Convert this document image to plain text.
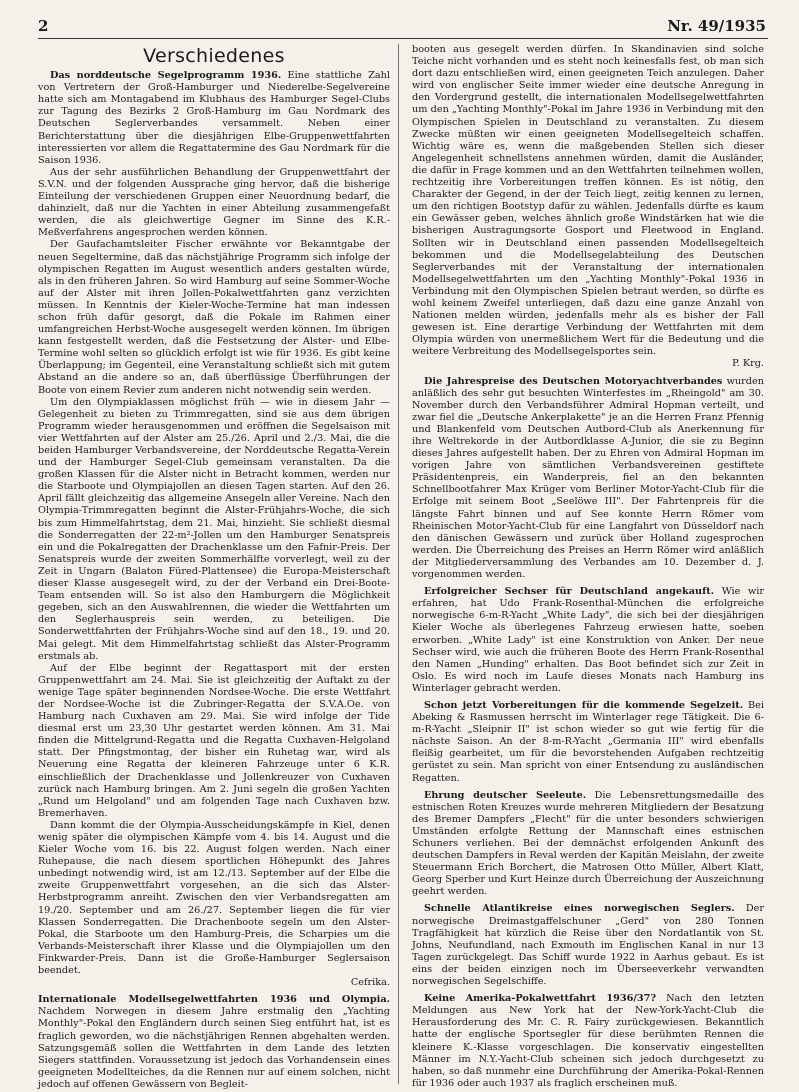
2	Nr. 49/1935
Verschiedenes

Das norddeutsche Segelprogramm 1936. Eine stattliche Zahl von Vertretern der Groß-Hamburger und Niederelbe-Segelvereine hatte sich am Montagabend im Klubhaus des Hamburger Segel-Clubs zur Tagung des Bezirks 2 Groß-Hamburg im Gau Nordmark des Deutschen Seglerverbandes versammelt. Neben einer Berichterstattung über die diesjährigen Elbe-Gruppenwettfahrten interessierten vor allem die Regattatermine des Gau Nordmark für die Saison 1936.

Aus der sehr ausführlichen Behandlung der Gruppenwettfahrt der S.V.N. und der folgenden Aussprache ging hervor, daß die bisherige Einteilung der verschiedenen Gruppen einer Neuordnung bedarf, die dahinzielt, daß nur die Yachten in einer Abteilung zusammengefaßt werden, die als gleichwertige Gegner im Sinne des K.R.-Meßverfahrens angesprochen werden können.

Der Gaufachamtsleiter Fischer erwähnte vor Bekanntgabe der neuen Segeltermine, daß das nächstjährige Programm sich infolge der olympischen Regatten im August wesentlich anders gestalten würde, als in den früheren Jahren. So wird Hamburg auf seine Sommer-Woche auf der Alster mit ihren Jollen-Pokalwettfahrten ganz verzichten müssen. In Kenntnis der Kieler-Woche-Termine hat man indessen schon früh dafür gesorgt, daß die Pokale im Rahmen einer umfangreichen Herbst-Woche ausgesegelt werden können. Im übrigen kann festgestellt werden, daß die Festsetzung der Alster- und Elbe-Termine wohl selten so glücklich erfolgt ist wie für 1936. Es gibt keine Überlappung; im Gegenteil, eine Veranstaltung schließt sich mit gutem Abstand an die andere so an, daß überflüssige Überführungen der Boote von einem Revier zum anderen nicht notwendig sein werden.

Um den Olympiaklassen möglichst früh — wie in diesem Jahr — Gelegenheit zu bieten zu Trimmregatten, sind sie aus dem übrigen Programm wieder herausgenommen und eröffnen die Segelsaison mit vier Wettfahrten auf der Alster am 25./26. April und 2./3. Mai, die die beiden Hamburger Verbandsvereine, der Norddeutsche Regatta-Verein und der Hamburger Segel-Club gemeinsam veranstalten. Da die großen Klassen für die Alster nicht in Betracht kommen, werden nur die Starboote und Olympiajollen an diesen Tagen starten. Auf den 26. April fällt gleichzeitig das allgemeine Ansegeln aller Vereine. Nach den Olympia-Trimmregatten beginnt die Alster-Frühjahrs-Woche, die sich bis zum Himmelfahrtstag, dem 21. Mai, hinzieht. Sie schließt diesmal die Sonderregatten der 22-m²-Jollen um den Hamburger Senatspreis ein und die Pokalregatten der Drachenklasse um den Fafnir-Preis. Der Senatspreis wurde der zweiten Sommerhälfte vorverlegt, weil zu der Zeit in Ungarn (Balaton Füred-Plattensee) die Europa-Meisterschaft dieser Klasse ausgesegelt wird, zu der der Verband ein Drei-Boote-Team entsenden will. So ist also den Hamburgern die Möglichkeit gegeben, sich an den Auswahlrennen, die wieder die Wettfahrten um den Seglerhauspreis sein werden, zu beteiligen. Die Sonderwettfahrten der Frühjahrs-Woche sind auf den 18., 19. und 20. Mai gelegt. Mit dem Himmelfahrtstag schließt das Alster-Programm erstmals ab.

Auf der Elbe beginnt der Regattasport mit der ersten Gruppenwettfahrt am 24. Mai. Sie ist gleichzeitig der Auftakt zu der wenige Tage später beginnenden Nordsee-Woche. Die erste Wettfahrt der Nordsee-Woche ist die Zubringer-Regatta der S.V.A.Oe. von Hamburg nach Cuxhaven am 29. Mai. Sie wird infolge der Tide diesmal erst um 23,30 Uhr gestartet werden können. Am 31. Mai finden die Mittelgrund-Regatta und die Regatta Cuxhaven-Helgoland statt. Der Pfingstmontag, der bisher ein Ruhetag war, wird als Neuerung eine Regatta der kleineren Fahrzeuge unter 6 K.R. einschließlich der Drachenklasse und Jollenkreuzer von Cuxhaven zurück nach Hamburg bringen. Am 2. Juni segeln die großen Yachten „Rund um Helgoland" und am folgenden Tage nach Cuxhaven bzw. Bremerhaven.

Dann kommt die der Olympia-Ausscheidungskämpfe in Kiel, denen wenig später die olympischen Kämpfe vom 4. bis 14. August und die Kieler Woche vom 16. bis 22. August folgen werden. Nach einer Ruhepause, die nach diesem sportlichen Höhepunkt des Jahres unbedingt notwendig wird, ist am 12./13. September auf der Elbe die zweite Gruppenwettfahrt vorgesehen, an die sich das Alster-Herbstprogramm anreiht. Zwischen den vier Verbandsregatten am 19./20. September und am 26./27. September liegen die für vier Klassen Sonderregatten. Die Drachenboote segeln um den Alster-Pokal, die Starboote um den Hamburg-Preis, die Scharpies um die Verbands-Meisterschaft ihrer Klasse und die Olympiajollen um den Finkwarder-Preis. Dann ist die Große-Hamburger Seglersaison beendet.

Cefrika.

Internationale Modellsegelwettfahrten 1936 und Olympia. Nachdem Norwegen in diesem Jahre erstmalig den „Yachting Monthly"-Pokal den Engländern durch seinen Sieg entführt hat, ist es fraglich geworden, wo die nächstjährigen Rennen abgehalten werden. Satzungsgemäß sollen die Wettfahrten in dem Lande des letzten Siegers stattfinden. Voraussetzung ist jedoch das Vorhandensein eines geeigneten Modellteiches, da die Rennen nur auf einem solchen, nicht jedoch auf offenen Gewässern von Begleit-

booten aus gesegelt werden dürfen. In Skandinavien sind solche Teiche nicht vorhanden und es steht noch keinesfalls fest, ob man sich dort dazu entschließen wird, einen geeigneten Teich anzulegen. Daher wird von englischer Seite immer wieder eine deutsche Anregung in den Vordergrund gestellt, die internationalen Modellsegelwettfahrten um den „Yachting Monthly"-Pokal im Jahre 1936 in Verbindung mit den Olympischen Spielen in Deutschland zu veranstalten. Zu diesem Zwecke müßten wir einen geeigneten Modellsegelteich schaffen. Wichtig wäre es, wenn die maßgebenden Stellen sich dieser Angelegenheit schnellstens annehmen würden, damit die Ausländer, die dafür in Frage kommen und an den Wettfahrten teilnehmen wollen, rechtzeitig ihre Vorbereitungen treffen können. Es ist nötig, den Charakter der Gegend, in der der Teich liegt, zeitig kennen zu lernen, um den richtigen Bootstyp dafür zu wählen. Jedenfalls dürfte es kaum ein Gewässer geben, welches ähnlich große Windstärken hat wie die bisherigen Austragungsorte Gosport und Fleetwood in England. Sollten wir in Deutschland einen passenden Modellsegelteich bekommen und die Modellsegelabteilung des Deutschen Seglerverbandes mit der Veranstaltung der internationalen Modellsegelwettfahrten um den „Yachting Monthly"-Pokal 1936 in Verbindung mit den Olympischen Spielen betraut werden, so dürfte es wohl keinem Zweifel unterliegen, daß dazu eine ganze Anzahl von Nationen melden würden, jedenfalls mehr als es bisher der Fall gewesen ist. Eine derartige Verbindung der Wettfahrten mit dem Olympia würden von unermeßlichem Wert für die Bedeutung und die weitere Verbreitung des Modellsegelsportes sein.

P. Krg.

Die Jahrespreise des Deutschen Motoryachtverbandes wurden anläßlich des sehr gut besuchten Winterfestes im „Rheingold" am 30. November durch den Verbandsführer Admiral Hopman verteilt, und zwar fiel die „Deutsche Ankerplakette" je an die Herren Franz Pfennig und Blankenfeld vom Deutschen Autbord-Club als Anerkennung für ihre Weltrekorde in der Autbordklasse A-Junior, die sie zu Beginn dieses Jahres aufgestellt haben. Der zu Ehren von Admiral Hopman im vorigen Jahre von sämtlichen Verbandsvereinen gestiftete Präsidentenpreis, ein Wanderpreis, fiel an den bekannten Schnellbootfahrer Max Krüger vom Berliner Motor-Yacht-Club für die Erfolge mit seinem Boot „Seelöwe III". Der Fahrtenpreis für die längste Fahrt binnen und auf See konnte Herrn Römer vom Rheinischen Motor-Yacht-Club für eine Langfahrt von Düsseldorf nach den dänischen Gewässern und zurück über Holland zugesprochen werden. Die Überreichung des Preises an Herrn Römer wird anläßlich der Mitgliederversammlung des Verbandes am 10. Dezember d. J. vorgenommen werden.

Erfolgreicher Sechser für Deutschland angekauft. Wie wir erfahren, hat Udo Frank-Rosenthal-München die erfolgreiche norwegische 6-m-R-Yacht „White Lady", die sich bei der diesjährigen Kieler Woche als überlegenes Fahrzeug erwiesen hatte, soeben erworben. „White Lady" ist eine Konstruktion von Anker. Der neue Sechser wird, wie auch die früheren Boote des Herrn Frank-Rosenthal den Namen „Hunding" erhalten. Das Boot befindet sich zur Zeit in Oslo. Es wird noch im Laufe dieses Monats nach Hamburg ins Winterlager gebracht werden.

Schon jetzt Vorbereitungen für die kommende Segelzeit. Bei Abeking & Rasmussen herrscht im Winterlager rege Tätigkeit. Die 6-m-R-Yacht „Sleipnir II" ist schon wieder so gut wie fertig für die nächste Saison. An der 8-m-R-Yacht „Germania III" wird ebenfalls fleißig gearbeitet, um für die bevorstehenden Aufgaben rechtzeitig gerüstet zu sein. Man spricht von einer Entsendung zu ausländischen Regatten.

Ehrung deutscher Seeleute. Die Lebensrettungsmedaille des estnischen Roten Kreuzes wurde mehreren Mitgliedern der Besatzung des Bremer Dampfers „Flecht" für die unter besonders schwierigen Umständen erfolgte Rettung der Mannschaft eines estnischen Schuners verliehen. Bei der demnächst erfolgenden Ankunft des deutschen Dampfers in Reval werden der Kapitän Meislahn, der zweite Steuermann Erich Borchert, die Matrosen Otto Müller, Albert Klatt, Georg Sperber und Kurt Heinze durch Überreichung der Auszeichnung geehrt werden.

Schnelle Atlantikreise eines norwegischen Seglers. Der norwegische Dreimastgaffelschuner „Gerd" von 280 Tonnen Tragfähigkeit hat kürzlich die Reise über den Nordatlantik von St. Johns, Neufundland, nach Exmouth im Englischen Kanal in nur 13 Tagen zurückgelegt. Das Schiff wurde 1922 in Aarhus gebaut. Es ist eins der beiden einzigen noch im Überseeverkehr verwandten norwegischen Segelschiffe.

Keine Amerika-Pokalwettfahrt 1936/37? Nach den letzten Meldungen aus New York hat der New-York-Yacht-Club die Herausforderung des Mr. C. R. Fairy zurückgewiesen. Bekanntlich hatte der englische Sportsegler für diese berühmten Rennen die kleinere K.-Klasse vorgeschlagen. Die konservativ eingestellten Männer im N.Y.-Yacht-Club scheinen sich jedoch durchgesetzt zu haben, so daß nunmehr eine Durchführung der Amerika-Pokal-Rennen für 1936 oder auch 1937 als fraglich erscheinen muß.
